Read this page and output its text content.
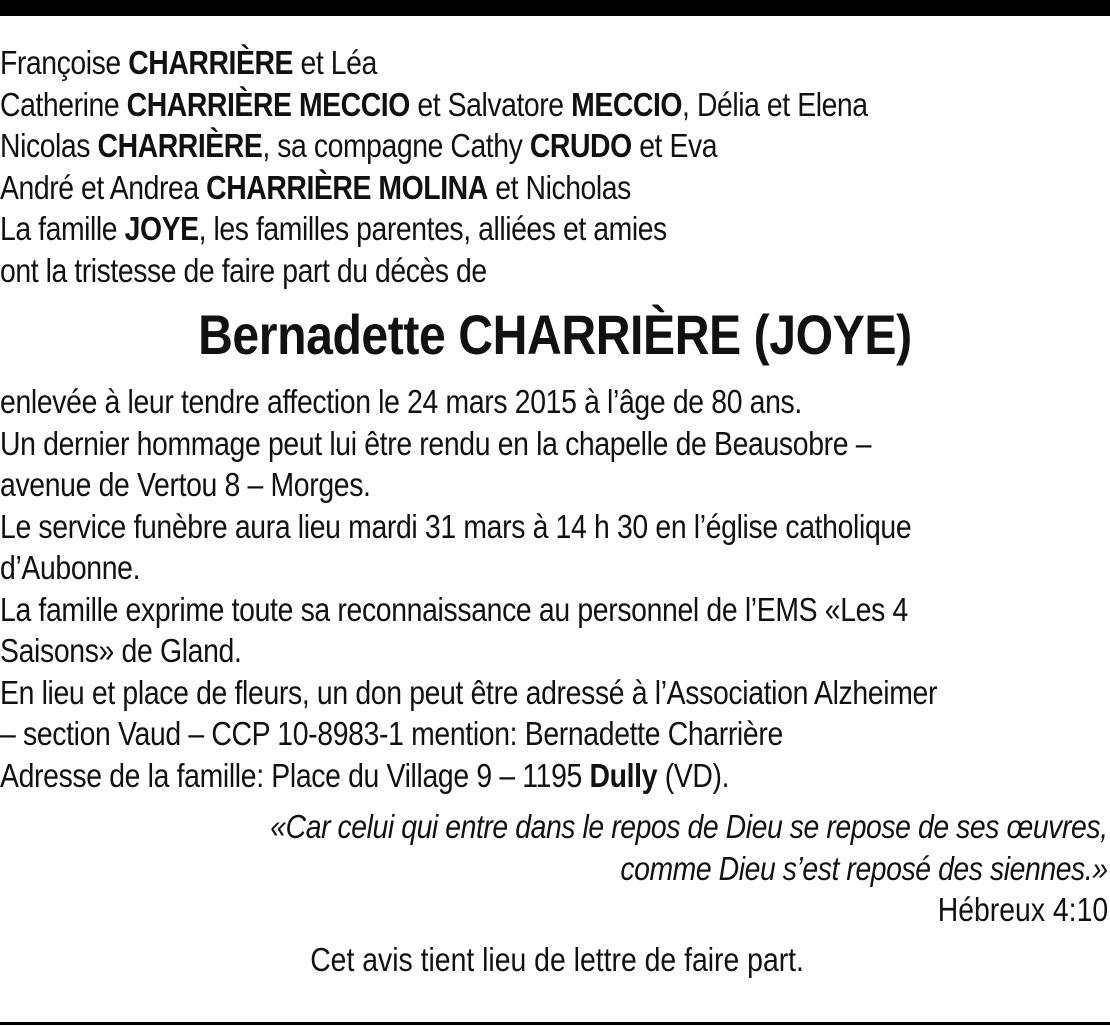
Françoise CHARRIÈRE et Léa
Catherine CHARRIÈRE MECCIO et Salvatore MECCIO, Délia et Elena
Nicolas CHARRIÈRE, sa compagne Cathy CRUDO et Eva
André et Andrea CHARRIÈRE MOLINA et Nicholas
La famille JOYE, les familles parentes, alliées et amies
ont la tristesse de faire part du décès de
Bernadette CHARRIÈRE (JOYE)
enlevée à leur tendre affection le 24 mars 2015 à l’âge de 80 ans.
Un dernier hommage peut lui être rendu en la chapelle de Beausobre –
avenue de Vertou 8 – Morges.
Le service funèbre aura lieu mardi 31 mars à 14 h 30 en l’église catholique
d’Aubonne.
La famille exprime toute sa reconnaissance au personnel de l’EMS «Les 4
Saisons» de Gland.
En lieu et place de fleurs, un don peut être adressé à l’Association Alzheimer
– section Vaud – CCP 10-8983-1 mention: Bernadette Charrière
Adresse de la famille: Place du Village 9 – 1195 Dully (VD).
«Car celui qui entre dans le repos de Dieu se repose de ses œuvres,
comme Dieu s’est reposé des siennes.»
Hébreux 4:10
Cet avis tient lieu de lettre de faire part.
